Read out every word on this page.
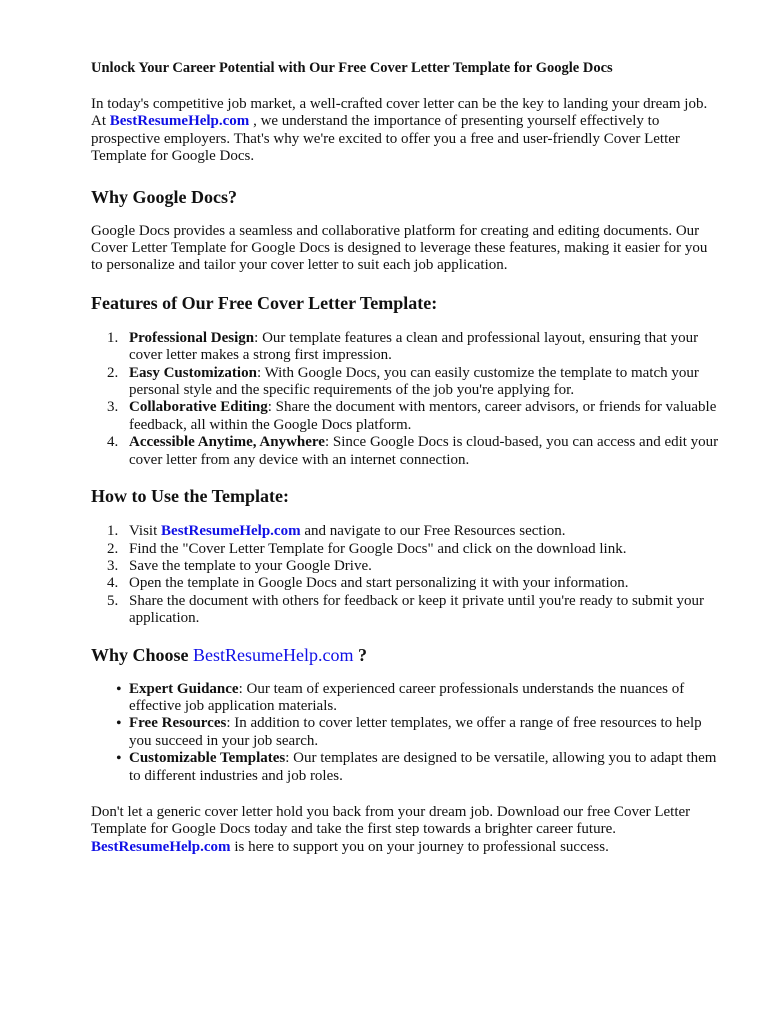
Unlock Your Career Potential with Our Free Cover Letter Template for Google Docs

In today's competitive job market, a well-crafted cover letter can be the key to landing your dream job. At BestResumeHelp.com , we understand the importance of presenting yourself effectively to prospective employers. That's why we're excited to offer you a free and user-friendly Cover Letter Template for Google Docs.

Why Google Docs?

Google Docs provides a seamless and collaborative platform for creating and editing documents. Our Cover Letter Template for Google Docs is designed to leverage these features, making it easier for you to personalize and tailor your cover letter to suit each job application.

Features of Our Free Cover Letter Template:
1. Professional Design: Our template features a clean and professional layout, ensuring that your cover letter makes a strong first impression.
2. Easy Customization: With Google Docs, you can easily customize the template to match your personal style and the specific requirements of the job you're applying for.
3. Collaborative Editing: Share the document with mentors, career advisors, or friends for valuable feedback, all within the Google Docs platform.
4. Accessible Anytime, Anywhere: Since Google Docs is cloud-based, you can access and edit your cover letter from any device with an internet connection.
How to Use the Template:
1. Visit BestResumeHelp.com and navigate to our Free Resources section.
2. Find the "Cover Letter Template for Google Docs" and click on the download link.
3. Save the template to your Google Drive.
4. Open the template in Google Docs and start personalizing it with your information.
5. Share the document with others for feedback or keep it private until you're ready to submit your application.
Why Choose BestResumeHelp.com ?
• Expert Guidance: Our team of experienced career professionals understands the nuances of effective job application materials.
• Free Resources: In addition to cover letter templates, we offer a range of free resources to help you succeed in your job search.
• Customizable Templates: Our templates are designed to be versatile, allowing you to adapt them to different industries and job roles.

Don't let a generic cover letter hold you back from your dream job. Download our free Cover Letter Template for Google Docs today and take the first step towards a brighter career future.
BestResumeHelp.com is here to support you on your journey to professional success.
